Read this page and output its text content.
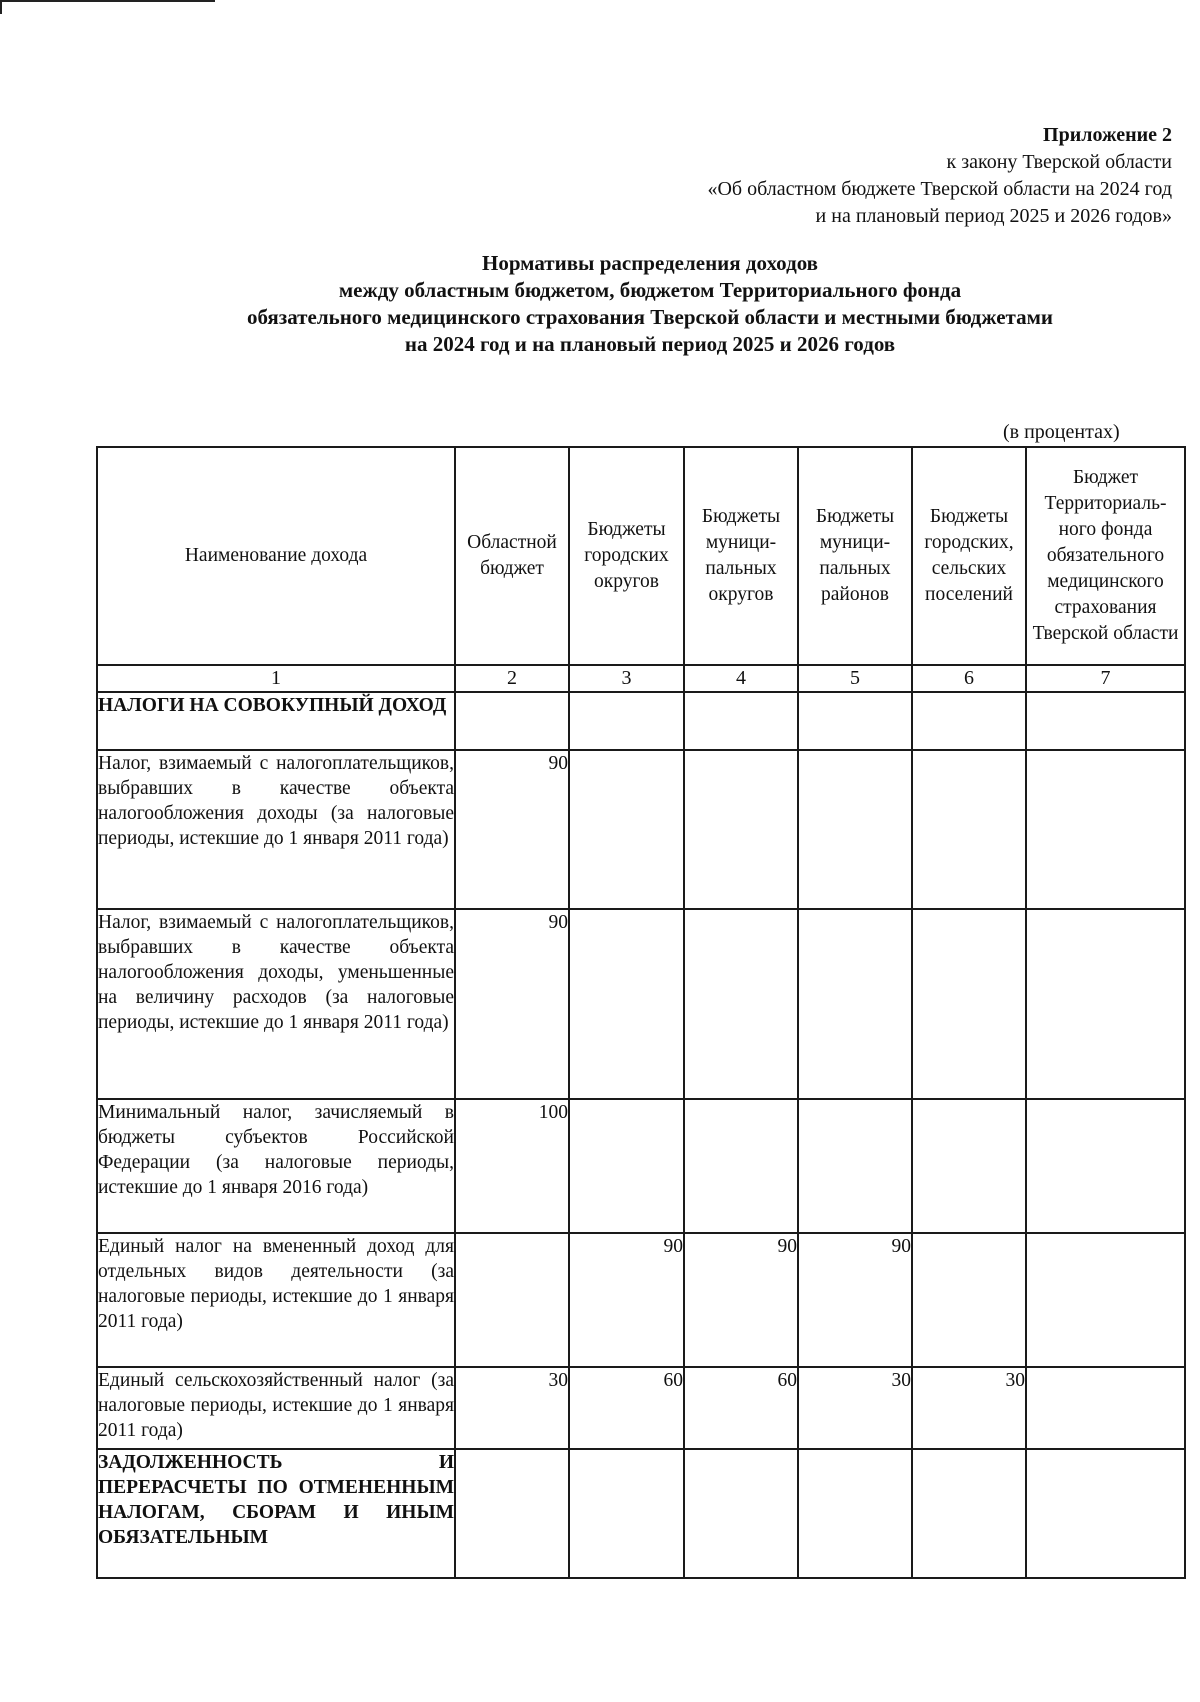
Приложение 2
к закону Тверской области
«Об областном бюджете Тверской области на 2024 год
и на плановый период 2025 и 2026 годов»
Нормативы распределения доходов
между областным бюджетом, бюджетом Территориального фонда
обязательного медицинского страхования Тверской области и местными бюджетами
на 2024 год и на плановый период 2025 и 2026 годов
(в процентах)
Наименование дохода	Областной бюджет	Бюджеты городских округов	Бюджеты муници-пальных округов	Бюджеты муници-пальных районов	Бюджеты городских, сельских поселений	Бюджет Территориаль-ного фонда обязательного медицинского страхования Тверской области
1	2	3	4	5	6	7
НАЛОГИ НА СОВОКУПНЫЙ ДОХОД						
Налог, взимаемый с налогоплательщиков, выбравших в качестве объекта налогообложения доходы (за налоговые периоды, истекшие до 1 января 2011 года)	90					
Налог, взимаемый с налогоплательщиков, выбравших в качестве объекта налогообложения доходы, уменьшенные на величину расходов (за налоговые периоды, истекшие до 1 января 2011 года)	90					
Минимальный налог, зачисляемый в бюджеты субъектов Российской Федерации (за налоговые периоды, истекшие до 1 января 2016 года)	100					
Единый налог на вмененный доход для отдельных видов деятельности (за налоговые периоды, истекшие до 1 января 2011 года)		90	90	90		
Единый сельскохозяйственный налог (за налоговые периоды, истекшие до 1 января 2011 года)	30	60	60	30	30	
ЗАДОЛЖЕННОСТЬ И ПЕРЕРАСЧЕТЫ ПО ОТМЕНЕННЫМ НАЛОГАМ, СБОРАМ И ИНЫМ ОБЯЗАТЕЛЬНЫМ						
